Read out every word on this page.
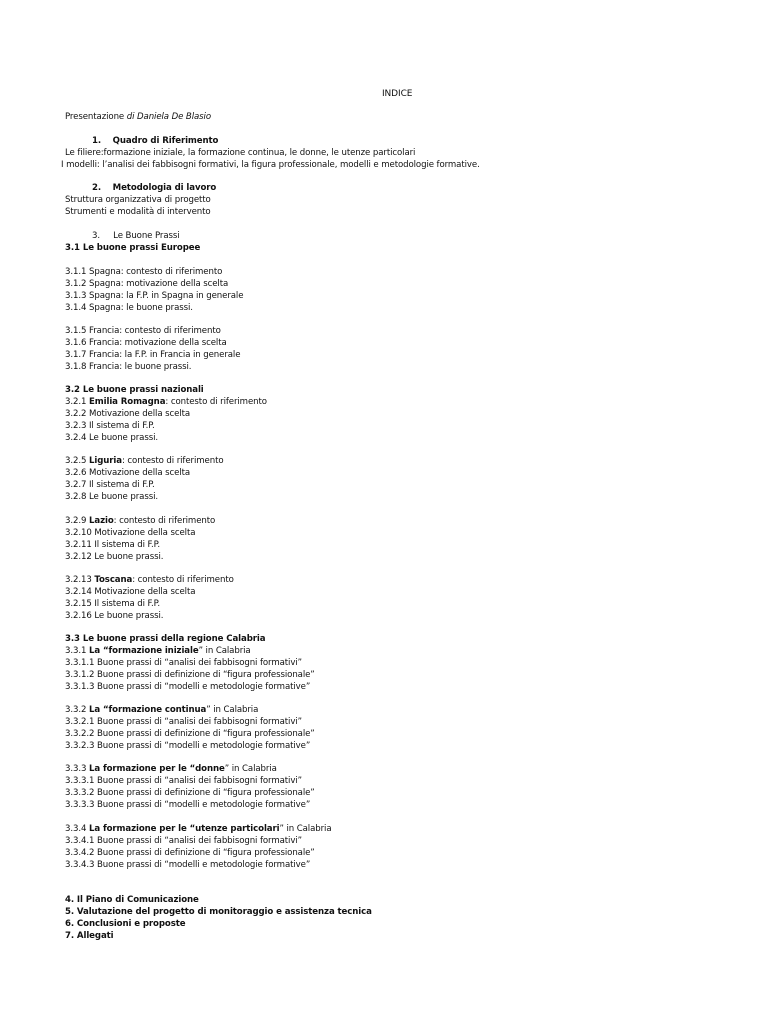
INDICE
Presentazione di Daniela De Blasio
1. Quadro di Riferimento
Le filiere:formazione iniziale, la formazione continua, le donne, le utenze particolari
I modelli: l’analisi dei fabbisogni formativi, la figura professionale, modelli e metodologie formative.
2. Metodologia di lavoro
Struttura organizzativa di progetto
Strumenti e modalità di intervento
3. Le Buone Prassi
3.1 Le buone prassi Europee
3.1.1 Spagna: contesto di riferimento
3.1.2 Spagna: motivazione della scelta
3.1.3 Spagna: la F.P. in Spagna in generale
3.1.4 Spagna: le buone prassi.
3.1.5 Francia: contesto di riferimento
3.1.6 Francia: motivazione della scelta
3.1.7 Francia: la F.P. in Francia in generale
3.1.8 Francia: le buone prassi.
3.2 Le buone prassi nazionali
3.2.1 Emilia Romagna: contesto di riferimento
3.2.2 Motivazione della scelta
3.2.3 Il sistema di F.P.
3.2.4 Le buone prassi.
3.2.5 Liguria: contesto di riferimento
3.2.6 Motivazione della scelta
3.2.7 Il sistema di F.P.
3.2.8 Le buone prassi.
3.2.9 Lazio: contesto di riferimento
3.2.10 Motivazione della scelta
3.2.11 Il sistema di F.P.
3.2.12 Le buone prassi.
3.2.13 Toscana: contesto di riferimento
3.2.14 Motivazione della scelta
3.2.15 Il sistema di F.P.
3.2.16 Le buone prassi.
3.3 Le buone prassi della regione Calabria
3.3.1 La “formazione iniziale” in Calabria
3.3.1.1 Buone prassi di “analisi dei fabbisogni formativi”
3.3.1.2 Buone prassi di definizione di “figura professionale”
3.3.1.3 Buone prassi di “modelli e metodologie formative”
3.3.2 La “formazione continua” in Calabria
3.3.2.1 Buone prassi di “analisi dei fabbisogni formativi”
3.3.2.2 Buone prassi di definizione di “figura professionale”
3.3.2.3 Buone prassi di “modelli e metodologie formative”
3.3.3 La formazione per le “donne” in Calabria
3.3.3.1 Buone prassi di “analisi dei fabbisogni formativi”
3.3.3.2 Buone prassi di definizione di “figura professionale”
3.3.3.3 Buone prassi di “modelli e metodologie formative”
3.3.4 La formazione per le “utenze particolari” in Calabria
3.3.4.1 Buone prassi di “analisi dei fabbisogni formativi”
3.3.4.2 Buone prassi di definizione di “figura professionale”
3.3.4.3 Buone prassi di “modelli e metodologie formative”
4. Il Piano di Comunicazione
5. Valutazione del progetto di monitoraggio e assistenza tecnica
6. Conclusioni e proposte
7. Allegati
